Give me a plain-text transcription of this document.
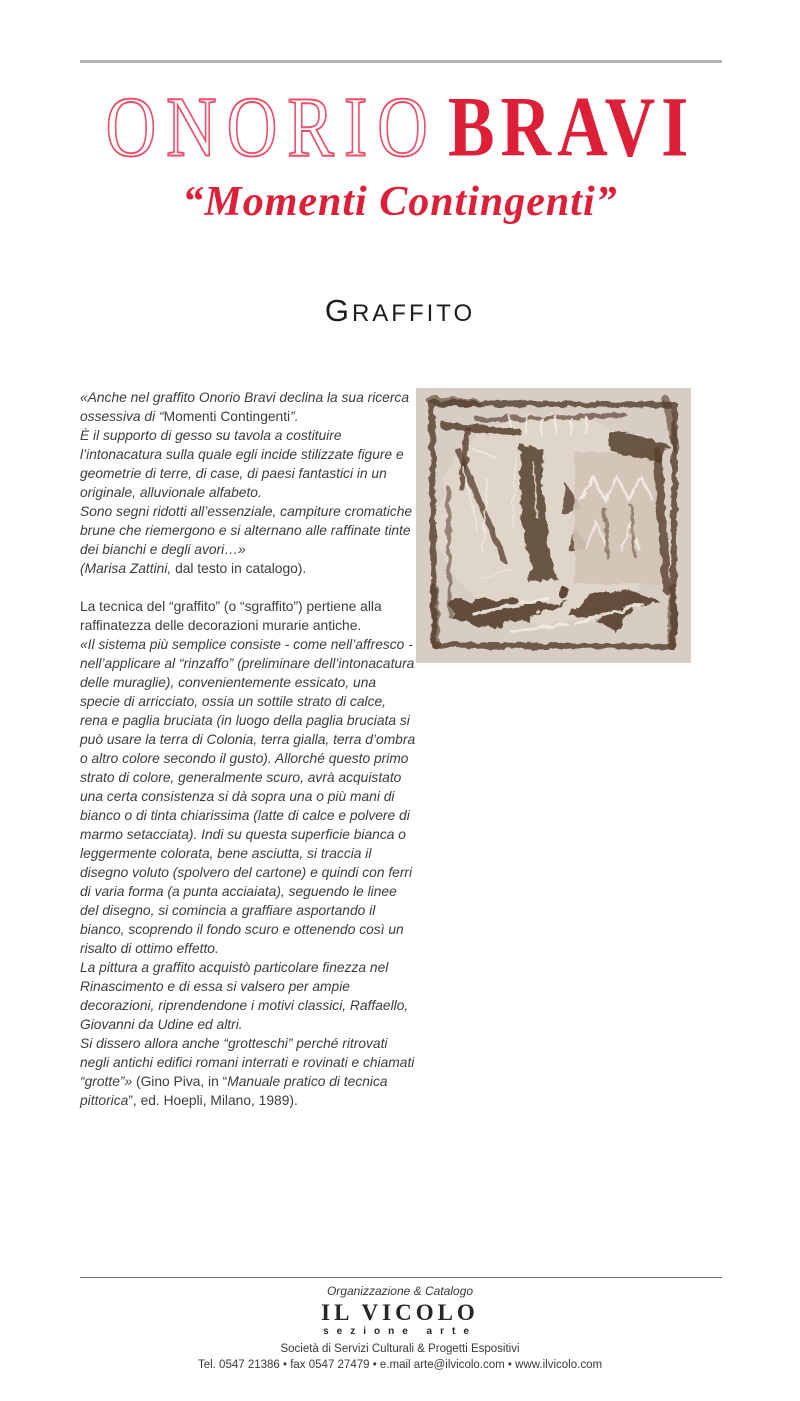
ONORIO BRAVI
“Momenti Contingenti”
GRAFFITO

«Anche nel graffito Onorio Bravi declina la sua ricerca ossessiva di “Momenti Contingenti”.

È il supporto di gesso su tavola a costituire l’intonacatura sulla quale egli incide stilizzate figure e geometrie di terre, di case, di paesi fantastici in un originale, alluvionale alfabeto.

Sono segni ridotti all’essenziale, campiture cromatiche brune che riemergono e si alternano alle raffinate tinte dei bianchi e degli avori…»

(Marisa Zattini, dal testo in catalogo).

La tecnica del “graffito” (o “sgraffito”) pertiene alla raffinatezza delle decorazioni murarie antiche.

«Il sistema più semplice consiste - come nell’affresco - nell’applicare al “rinzaffo” (preliminare dell’intonacatura delle muraglie), convenientemente essicato, una specie di arricciato, ossia un sottile strato di calce, rena e paglia bruciata (in luogo della paglia bruciata si può usare la terra di Colonia, terra gialla, terra d’ombra o altro colore secondo il gusto). Allorché questo primo strato di colore, generalmente scuro, avrà acquistato una certa consistenza si dà sopra una o più mani di bianco o di tinta chiarissima (latte di calce e polvere di marmo setacciata). Indi su questa superficie bianca o leggermente colorata, bene asciutta, si traccia il disegno voluto (spolvero del cartone) e quindi con ferri di varia forma (a punta acciaiata), seguendo le linee del disegno, si comincia a graffiare asportando il bianco, scoprendo il fondo scuro e ottenendo così un risalto di ottimo effetto.

La pittura a graffito acquistò particolare finezza nel Rinascimento e di essa si valsero per ampie decorazioni, riprendendone i motivi classici, Raffaello, Giovanni da Udine ed altri.

Si dissero allora anche “grotteschi” perché ritrovati negli antichi edifici romani interrati e rovinati e chiamati “grotte”» (Gino Piva, in “Manuale pratico di tecnica pittorica”, ed. Hoepli, Milano, 1989).

Organizzazione & Catalogo
IL VICOLO
sezione arte
Società di Servizi Culturali & Progetti Espositivi
Tel. 0547 21386 • fax 0547 27479 • e.mail arte@ilvicolo.com • www.ilvicolo.com
